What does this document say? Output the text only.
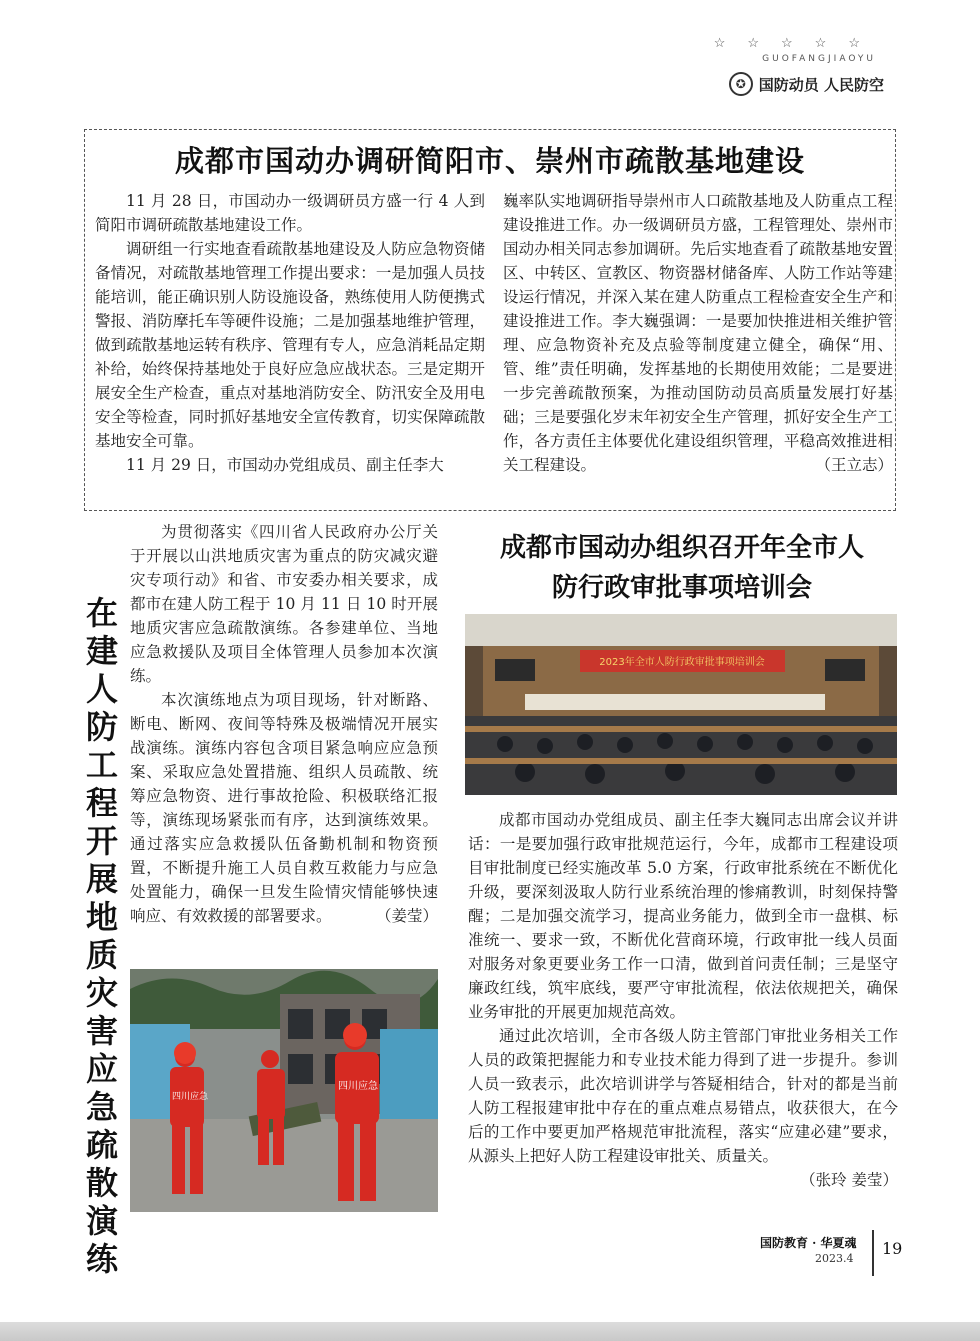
☆☆☆☆☆
GUOFANGJIAOYU
✪ 国防动员 人民防空
成都市国动办调研简阳市、崇州市疏散基地建设

11 月 28 日，市国动办一级调研员方盛一行 4 人到简阳市调研疏散基地建设工作。

调研组一行实地查看疏散基地建设及人防应急物资储备情况，对疏散基地管理工作提出要求：一是加强人员技能培训，能正确识别人防设施设备，熟练使用人防便携式警报、消防摩托车等硬件设施；二是加强基地维护管理，做到疏散基地运转有秩序、管理有专人，应急消耗品定期补给，始终保持基地处于良好应急应战状态。三是定期开展安全生产检查，重点对基地消防安全、防汛安全及用电安全等检查，同时抓好基地安全宣传教育，切实保障疏散基地安全可靠。

11 月 29 日，市国动办党组成员、副主任李大

巍率队实地调研指导崇州市人口疏散基地及人防重点工程建设推进工作。办一级调研员方盛，工程管理处、崇州市国动办相关同志参加调研。先后实地查看了疏散基地安置区、中转区、宣教区、物资器材储备库、人防工作站等建设运行情况，并深入某在建人防重点工程检查安全生产和建设推进工作。李大巍强调：一是要加快推进相关维护管理、应急物资补充及点验等制度建立健全，确保“用、管、维”责任明确，发挥基地的长期使用效能；二是要进一步完善疏散预案，为推动国防动员高质量发展打好基础；三是要强化岁末年初安全生产管理，抓好安全生产工作，各方责任主体要优化建设组织管理，平稳高效推进相关工程建设。	（王立志）

在
建
人
防
工
程
开
展
地
质
灾
害
应
急
疏
散
演
练

为贯彻落实《四川省人民政府办公厅关于开展以山洪地质灾害为重点的防灾减灾避灾专项行动》和省、市安委办相关要求，成都市在建人防工程于 10 月 11 日 10 时开展地质灾害应急疏散演练。各参建单位、当地应急救援队及项目全体管理人员参加本次演练。

本次演练地点为项目现场，针对断路、断电、断网、夜间等特殊及极端情况开展实战演练。演练内容包含项目紧急响应应急预案、采取应急处置措施、组织人员疏散、统筹应急物资、进行事故抢险、积极联络汇报等，演练现场紧张而有序，达到演练效果。通过落实应急救援队伍备勤机制和物资预置，不断提升施工人员自救互救能力与应急处置能力，确保一旦发生险情灾情能够快速响应、有效救援的部署要求。	（姜莹）

四川应急
四川应急
成都市国动办组织召开年全市人
防行政审批事项培训会
2023年全市人防行政审批事项培训会

成都市国动办党组成员、副主任李大巍同志出席会议并讲话：一是要加强行政审批规范运行，今年，成都市工程建设项目审批制度已经实施改革 5.0 方案，行政审批系统在不断优化升级，要深刻汲取人防行业系统治理的惨痛教训，时刻保持警醒；二是加强交流学习，提高业务能力，做到全市一盘棋、标准统一、要求一致，不断优化营商环境，行政审批一线人员面对服务对象更要业务工作一口清，做到首问责任制；三是坚守廉政红线，筑牢底线，要严守审批流程，依法依规把关，确保业务审批的开展更加规范高效。

通过此次培训，全市各级人防主管部门审批业务相关工作人员的政策把握能力和专业技术能力得到了进一步提升。参训人员一致表示，此次培训讲学与答疑相结合，针对的都是当前人防工程报建审批中存在的重点难点易错点，收获很大，在今后的工作中要更加严格规范审批流程，落实“应建必建”要求，从源头上把好人防工程建设审批关、质量关。
（张玲 姜莹）

国防教育 · 华夏魂
2023.4
19
